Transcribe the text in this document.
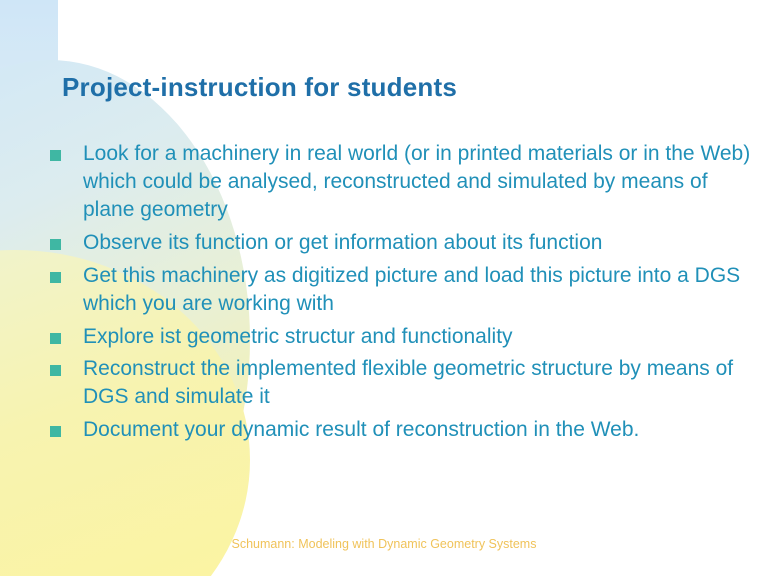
Project-instruction for students
Look for a machinery in real world (or in printed materials or in the Web) which could be analysed, reconstructed and simulated by means of plane geometry
Observe its function or get information about its function
Get this machinery as digitized picture and load this picture into a DGS which you are working with
Explore ist geometric structur and functionality
Reconstruct the implemented flexible geometric structure by means of DGS and simulate it
Document your dynamic result of reconstruction in the Web.
Schumann: Modeling with Dynamic Geometry Systems
